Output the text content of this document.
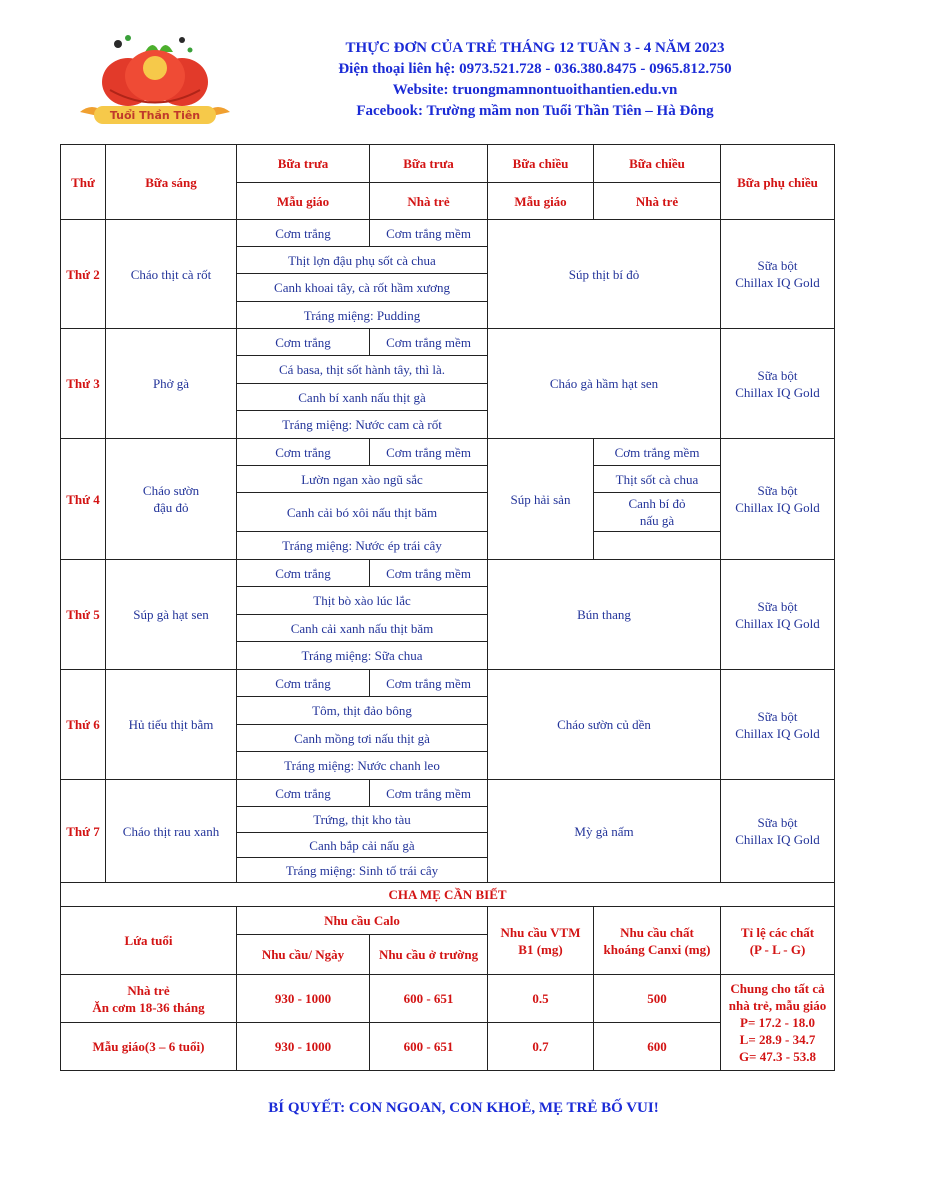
Tuổi Thần Tiên
THỰC ĐƠN CỦA TRẺ THÁNG 12 TUẦN 3 - 4 NĂM 2023
Điện thoại liên hệ: 0973.521.728 - 036.380.8475 - 0965.812.750
Website: truongmamnontuoithantien.edu.vn
Facebook: Trường mầm non Tuổi Thần Tiên – Hà Đông
Thứ	Bữa sáng	Bữa trưa	Bữa trưa	Bữa chiều	Bữa chiều	Bữa phụ chiều
		Mẫu giáo	Nhà trẻ	Mẫu giáo	Nhà trẻ	
Thứ 2	Cháo thịt cà rốt	Cơm trắng	Cơm trắng mềm	Súp thịt bí đỏ		Sữa bột
Chillax IQ Gold
		Thịt lợn đậu phụ sốt cà chua				
		Canh khoai tây, cà rốt hầm xương				
		Tráng miệng: Pudding				
Thứ 3	Phở gà	Cơm trắng	Cơm trắng mềm	Cháo gà hầm hạt sen		Sữa bột
Chillax IQ Gold
		Cá basa, thịt sốt hành tây, thì là.				
		Canh bí xanh nấu thịt gà				
		Tráng miệng: Nước cam cà rốt				
Thứ 4	Cháo sườn
đậu đỏ	Cơm trắng	Cơm trắng mềm	Súp hải sản	Cơm trắng mềm	Sữa bột
Chillax IQ Gold
		Lườn ngan xào ngũ sắc			Thịt sốt cà chua	
		Canh cải bó xôi nấu thịt băm			Canh bí đỏ
nấu gà	
		Tráng miệng: Nước ép trái cây				
Thứ 5	Súp gà hạt sen	Cơm trắng	Cơm trắng mềm	Bún thang		Sữa bột
Chillax IQ Gold
		Thịt bò xào lúc lắc				
		Canh cải xanh nấu thịt băm				
		Tráng miệng: Sữa chua				
Thứ 6	Hủ tiếu thịt bằm	Cơm trắng	Cơm trắng mềm	Cháo sườn củ dền		Sữa bột
Chillax IQ Gold
		Tôm, thịt đảo bông				
		Canh mồng tơi nấu thịt gà				
		Tráng miệng: Nước chanh leo				
Thứ 7	Cháo thịt rau xanh	Cơm trắng	Cơm trắng mềm	Mỳ gà nấm		Sữa bột
Chillax IQ Gold
		Trứng, thịt kho tàu				
		Canh bắp cải nấu gà				
		Tráng miệng: Sinh tố trái cây				
CHA MẸ CẦN BIẾT						
Lứa tuổi		Nhu cầu Calo		Nhu cầu VTM
B1 (mg)	Nhu cầu chất
khoáng Canxi (mg)	Tỉ lệ các chất
(P - L - G)
		Nhu cầu/ Ngày	Nhu cầu ở trường			
Nhà trẻ
Ăn cơm 18-36 tháng		930 - 1000	600 - 651	0.5	500	Chung cho tất cả
nhà trẻ, mẫu giáo
P= 17.2 - 18.0
L= 28.9 - 34.7
G= 47.3 - 53.8
Mẫu giáo(3 – 6 tuổi)		930 - 1000	600 - 651	0.7	600	
BÍ QUYẾT: CON NGOAN, CON KHOẺ, MẸ TRẺ BỐ VUI!
